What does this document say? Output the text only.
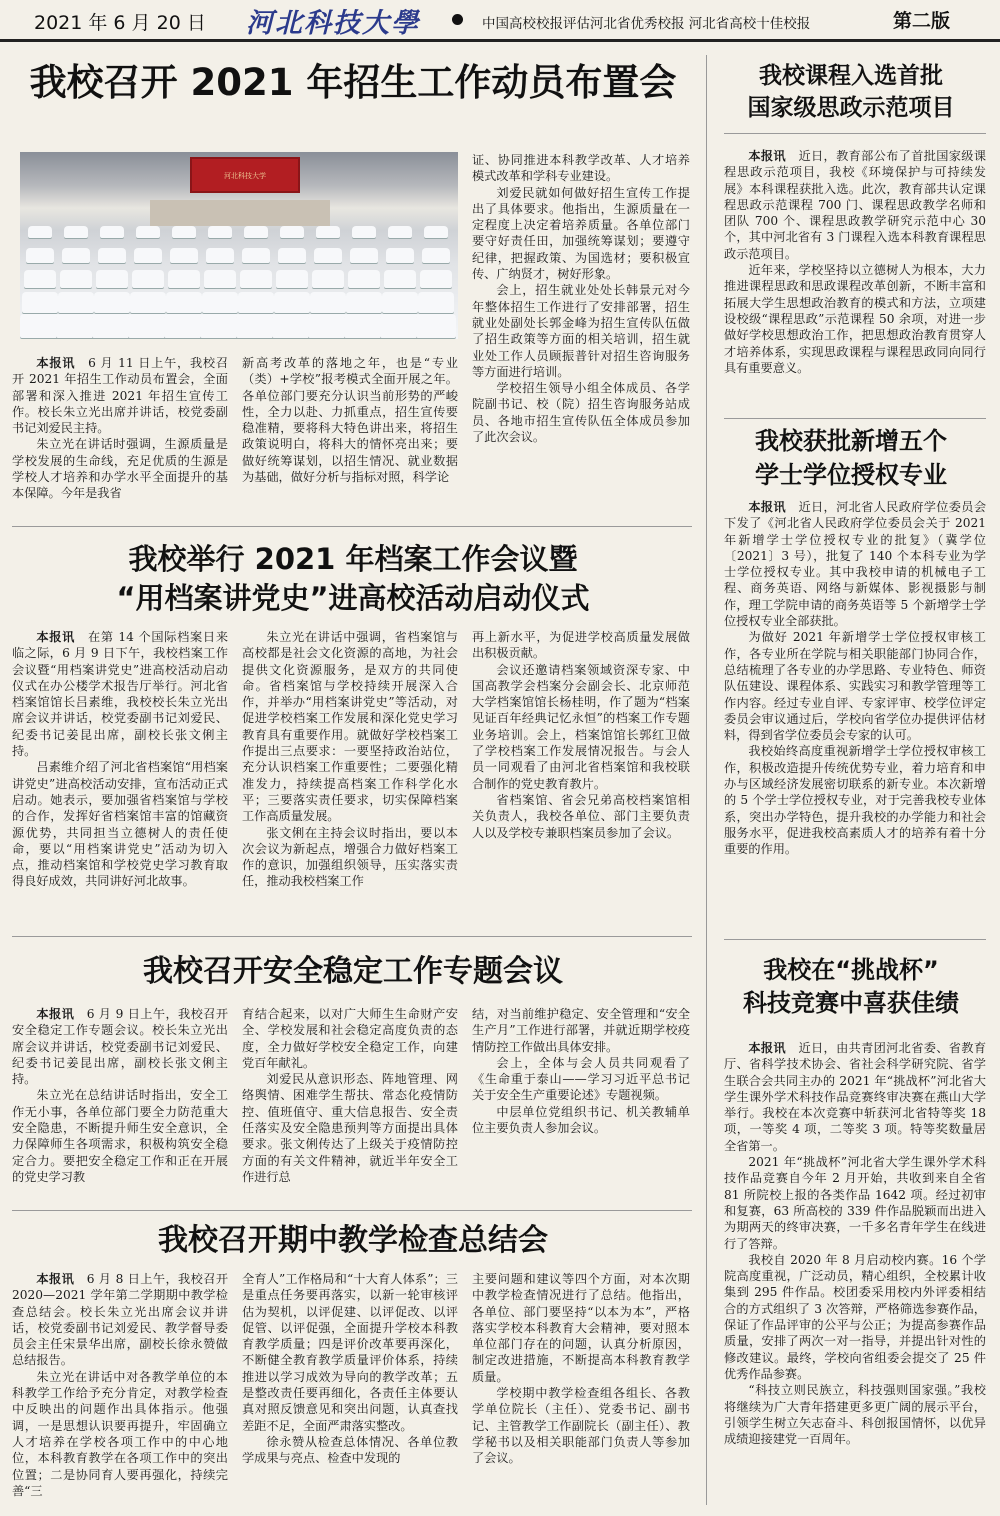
2021 年 6 月 20 日 河北科技大學	中国高校校报评估河北省优秀校报 河北省高校十佳校报	第二版
我校召开 2021 年招生工作动员布置会
河北科技大学

本报讯　 6 月 11 日上午，我校召开 2021 年招生工作动员布置会，全面部署和深入推进 2021 年招生宣传工作。校长朱立光出席并讲话，校党委副书记刘爱民主持。

朱立光在讲话时强调，生源质量是学校发展的生命线，充足优质的生源是学校人才培养和办学水平全面提升的基本保障。今年是我省

新高考改革的落地之年，也是“专业（类）+学校”报考模式全面开展之年。各单位部门要充分认识当前形势的严峻性，全力以赴、力抓重点，招生宣传要稳准精，要将科大特色讲出来，将招生政策说明白，将科大的情怀亮出来；要做好统筹谋划，以招生情况、就业数据为基础，做好分析与指标对照，科学论

证、协同推进本科教学改革、人才培养模式改革和学科专业建设。

刘爱民就如何做好招生宣传工作提出了具体要求。他指出，生源质量在一定程度上决定着培养质量。各单位部门要守好责任田，加强统筹谋划；要遵守纪律，把握政策、为国选材；要积极宣传、广纳贤才，树好形象。

会上，招生就业处处长韩景元对今年整体招生工作进行了安排部署，招生就业处副处长郭金峰为招生宣传队伍做了招生政策等方面的相关培训，招生就业处工作人员顾振普针对招生咨询服务等方面进行培训。

学校招生领导小组全体成员、各学院副书记、校（院）招生咨询服务站成员、各地市招生宣传队伍全体成员参加了此次会议。

我校举行 2021 年档案工作会议暨
“用档案讲党史”进高校活动启动仪式

本报讯　 在第 14 个国际档案日来临之际，6 月 9 日下午，我校档案工作会议暨“用档案讲党史”进高校活动启动仪式在办公楼学术报告厅举行。河北省档案馆馆长吕素维，我校校长朱立光出席会议并讲话，校党委副书记刘爱民、纪委书记姜昆出席，副校长张文俐主持。

吕素维介绍了河北省档案馆“用档案讲党史”进高校活动安排，宣布活动正式启动。她表示，要加强省档案馆与学校的合作，发挥好省档案馆丰富的馆藏资源优势，共同担当立德树人的责任使命，要以“用档案讲党史”活动为切入点，推动档案馆和学校党史学习教育取得良好成效，共同讲好河北故事。

朱立光在讲话中强调，省档案馆与高校都是社会文化资源的高地，为社会提供文化资源服务，是双方的共同使命。省档案馆与学校持续开展深入合作，并举办“用档案讲党史”等活动，对促进学校档案工作发展和深化党史学习教育具有重要作用。就做好学校档案工作提出三点要求：一要坚持政治站位，充分认识档案工作重要性；二要强化精准发力，持续提高档案工作科学化水平；三要落实责任要求，切实保障档案工作高质量发展。

张文俐在主持会议时指出，要以本次会议为新起点，增强合力做好档案工作的意识，加强组织领导，压实落实责任，推动我校档案工作

再上新水平，为促进学校高质量发展做出积极贡献。

会议还邀请档案领域资深专家、中国高教学会档案分会副会长、北京师范大学档案馆馆长杨桂明，作了题为“档案见证百年经典记忆永恒”的档案工作专题业务培训。会上，档案馆馆长郭红卫做了学校档案工作发展情况报告。与会人员一同观看了由河北省档案馆和我校联合制作的党史教育教片。

省档案馆、省会兄弟高校档案馆相关负责人，我校各单位、部门主要负责人以及学校专兼职档案员参加了会议。

我校召开安全稳定工作专题会议

本报讯　 6 月 9 日上午，我校召开安全稳定工作专题会议。校长朱立光出席会议并讲话，校党委副书记刘爱民、纪委书记姜昆出席，副校长张文俐主持。

朱立光在总结讲话时指出，安全工作无小事，各单位部门要全力防范重大安全隐患，不断提升师生安全意识，全力保障师生各项需求，积极构筑安全稳定合力。要把安全稳定工作和正在开展的党史学习教

育结合起来，以对广大师生生命财产安全、学校发展和社会稳定高度负责的态度，全力做好学校安全稳定工作，向建党百年献礼。

刘爱民从意识形态、阵地管理、网络舆情、困难学生帮扶、常态化疫情防控、值班值守、重大信息报告、安全责任落实及安全隐患预判等方面提出具体要求。张文俐传达了上级关于疫情防控方面的有关文件精神，就近半年安全工作进行总

结，对当前维护稳定、安全管理和“安全生产月”工作进行部署，并就近期学校疫情防控工作做出具体安排。

会上，全体与会人员共同观看了《生命重于泰山——学习习近平总书记关于安全生产重要论述》专题视频。

中层单位党组织书记、机关教辅单位主要负责人参加会议。

我校召开期中教学检查总结会

本报讯　 6 月 8 日上午，我校召开 2020—2021 学年第二学期期中教学检查总结会。校长朱立光出席会议并讲话，校党委副书记刘爱民、教学督导委员会主任宋景华出席，副校长徐永赞做总结报告。

朱立光在讲话中对各教学单位的本科教学工作给予充分肯定，对教学检查中反映出的问题作出具体指示。他强调，一是思想认识要再提升，牢固确立人才培养在学校各项工作中的中心地位，本科教育教学在各项工作中的突出位置；二是协同育人要再强化，持续完善“三

全育人”工作格局和“十大育人体系”；三是重点任务要再落实，以新一轮审核评估为契机，以评促建、以评促改、以评促管、以评促强，全面提升学校本科教育教学质量；四是评价改革要再深化，不断健全教育教学质量评价体系，持续推进以学习成效为导向的教学改革；五是整改责任要再细化，各责任主体要认真对照反馈意见和突出问题，认真查找差距不足，全面严肃落实整改。

徐永赞从检查总体情况、各单位教学成果与亮点、检查中发现的

主要问题和建议等四个方面，对本次期中教学检查情况进行了总结。他指出，各单位、部门要坚持“以本为本”，严格落实学校本科教育大会精神，要对照本单位部门存在的问题，认真分析原因，制定改进措施，不断提高本科教育教学质量。

学校期中教学检查组各组长、各教学单位院长（主任）、党委书记、副书记、主管教学工作副院长（副主任）、教学秘书以及相关职能部门负责人等参加了会议。

我校课程入选首批
国家级思政示范项目

本报讯　 近日，教育部公布了首批国家级课程思政示范项目，我校《环境保护与可持续发展》本科课程获批入选。此次，教育部共认定课程思政示范课程 700 门、课程思政教学名师和团队 700 个、课程思政教学研究示范中心 30 个，其中河北省有 3 门课程入选本科教育课程思政示范项目。

近年来，学校坚持以立德树人为根本，大力推进课程思政和思政课程改革创新，不断丰富和拓展大学生思想政治教育的模式和方法，立项建设校级“课程思政”示范课程 50 余项，对进一步做好学校思想政治工作，把思想政治教育贯穿人才培养体系，实现思政课程与课程思政同向同行具有重要意义。

我校获批新增五个
学士学位授权专业

本报讯　 近日，河北省人民政府学位委员会下发了《河北省人民政府学位委员会关于 2021 年新增学士学位授权专业的批复》（冀学位〔2021〕3 号），批复了 140 个本科专业为学士学位授权专业。其中我校申请的机械电子工程、商务英语、网络与新媒体、影视摄影与制作，理工学院申请的商务英语等 5 个新增学士学位授权专业全部获批。

为做好 2021 年新增学士学位授权审核工作，各专业所在学院与相关职能部门协同合作，总结梳理了各专业的办学思路、专业特色、师资队伍建设、课程体系、实践实习和教学管理等工作内容。经过专业自评、专家评审、校学位评定委员会审议通过后，学校向省学位办提供评估材料，得到省学位委员会专家的认可。

我校始终高度重视新增学士学位授权审核工作，积极改造提升传统优势专业，着力培育和申办与区域经济发展密切联系的新专业。本次新增的 5 个学士学位授权专业，对于完善我校专业体系，突出办学特色，提升我校的办学能力和社会服务水平，促进我校高素质人才的培养有着十分重要的作用。

我校在“挑战杯”
科技竞赛中喜获佳绩

本报讯　 近日，由共青团河北省委、省教育厅、省科学技术协会、省社会科学研究院、省学生联合会共同主办的 2021 年“挑战杯”河北省大学生课外学术科技作品竞赛终审决赛在燕山大学举行。我校在本次竞赛中斩获河北省特等奖 18 项，一等奖 4 项，二等奖 3 项。特等奖数量居全省第一。

2021 年“挑战杯”河北省大学生课外学术科技作品竞赛自今年 2 月开始，共收到来自全省 81 所院校上报的各类作品 1642 项。经过初审和复赛，63 所高校的 339 件作品脱颖而出进入为期两天的终审决赛，一千多名青年学生在线进行了答辩。

我校自 2020 年 8 月启动校内赛。16 个学院高度重视，广泛动员，精心组织，全校累计收集到 295 件作品。校团委采用校内外评委相结合的方式组织了 3 次答辩，严格筛选参赛作品，保证了作品评审的公平与公正；为提高参赛作品质量，安排了两次一对一指导，并提出针对性的修改建议。最终，学校向省组委会提交了 25 件优秀作品参赛。

“科技立则民族立，科技强则国家强。”我校将继续为广大青年搭建更多更广阔的展示平台，引领学生树立矢志奋斗、科创报国情怀，以优异成绩迎接建党一百周年。
